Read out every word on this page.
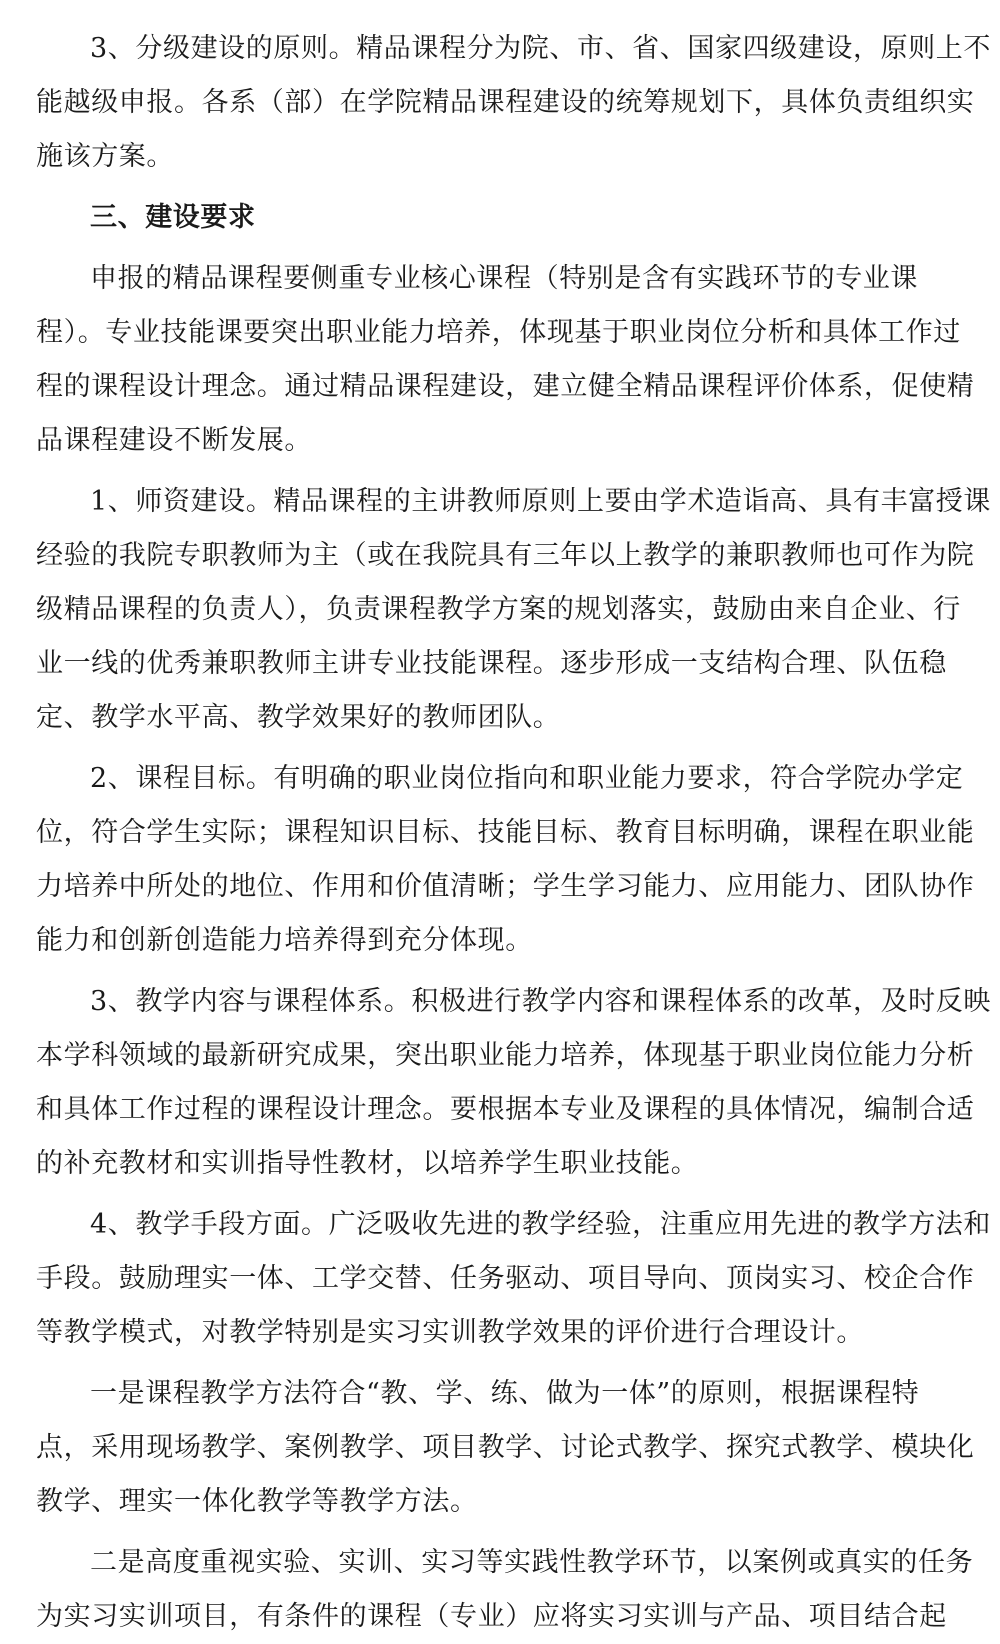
3、分级建设的原则。精品课程分为院、市、省、国家四级建设，原则上不
能越级申报。各系（部）在学院精品课程建设的统筹规划下，具体负责组织实
施该方案。

三、建设要求

申报的精品课程要侧重专业核心课程（特别是含有实践环节的专业课
程）。专业技能课要突出职业能力培养，体现基于职业岗位分析和具体工作过
程的课程设计理念。通过精品课程建设，建立健全精品课程评价体系，促使精
品课程建设不断发展。

1、师资建设。精品课程的主讲教师原则上要由学术造诣高、具有丰富授课
经验的我院专职教师为主（或在我院具有三年以上教学的兼职教师也可作为院
级精品课程的负责人），负责课程教学方案的规划落实，鼓励由来自企业、行
业一线的优秀兼职教师主讲专业技能课程。逐步形成一支结构合理、队伍稳
定、教学水平高、教学效果好的教师团队。

2、课程目标。有明确的职业岗位指向和职业能力要求，符合学院办学定
位，符合学生实际；课程知识目标、技能目标、教育目标明确，课程在职业能
力培养中所处的地位、作用和价值清晰；学生学习能力、应用能力、团队协作
能力和创新创造能力培养得到充分体现。

3、教学内容与课程体系。积极进行教学内容和课程体系的改革，及时反映
本学科领域的最新研究成果，突出职业能力培养，体现基于职业岗位能力分析
和具体工作过程的课程设计理念。要根据本专业及课程的具体情况，编制合适
的补充教材和实训指导性教材，以培养学生职业技能。

4、教学手段方面。广泛吸收先进的教学经验，注重应用先进的教学方法和
手段。鼓励理实一体、工学交替、任务驱动、项目导向、顶岗实习、校企合作
等教学模式，对教学特别是实习实训教学效果的评价进行合理设计。

一是课程教学方法符合“教、学、练、做为一体”的原则，根据课程特
点，采用现场教学、案例教学、项目教学、讨论式教学、探究式教学、模块化
教学、理实一体化教学等教学方法。

二是高度重视实验、实训、实习等实践性教学环节，以案例或真实的任务
为实习实训项目，有条件的课程（专业）应将实习实训与产品、项目结合起
